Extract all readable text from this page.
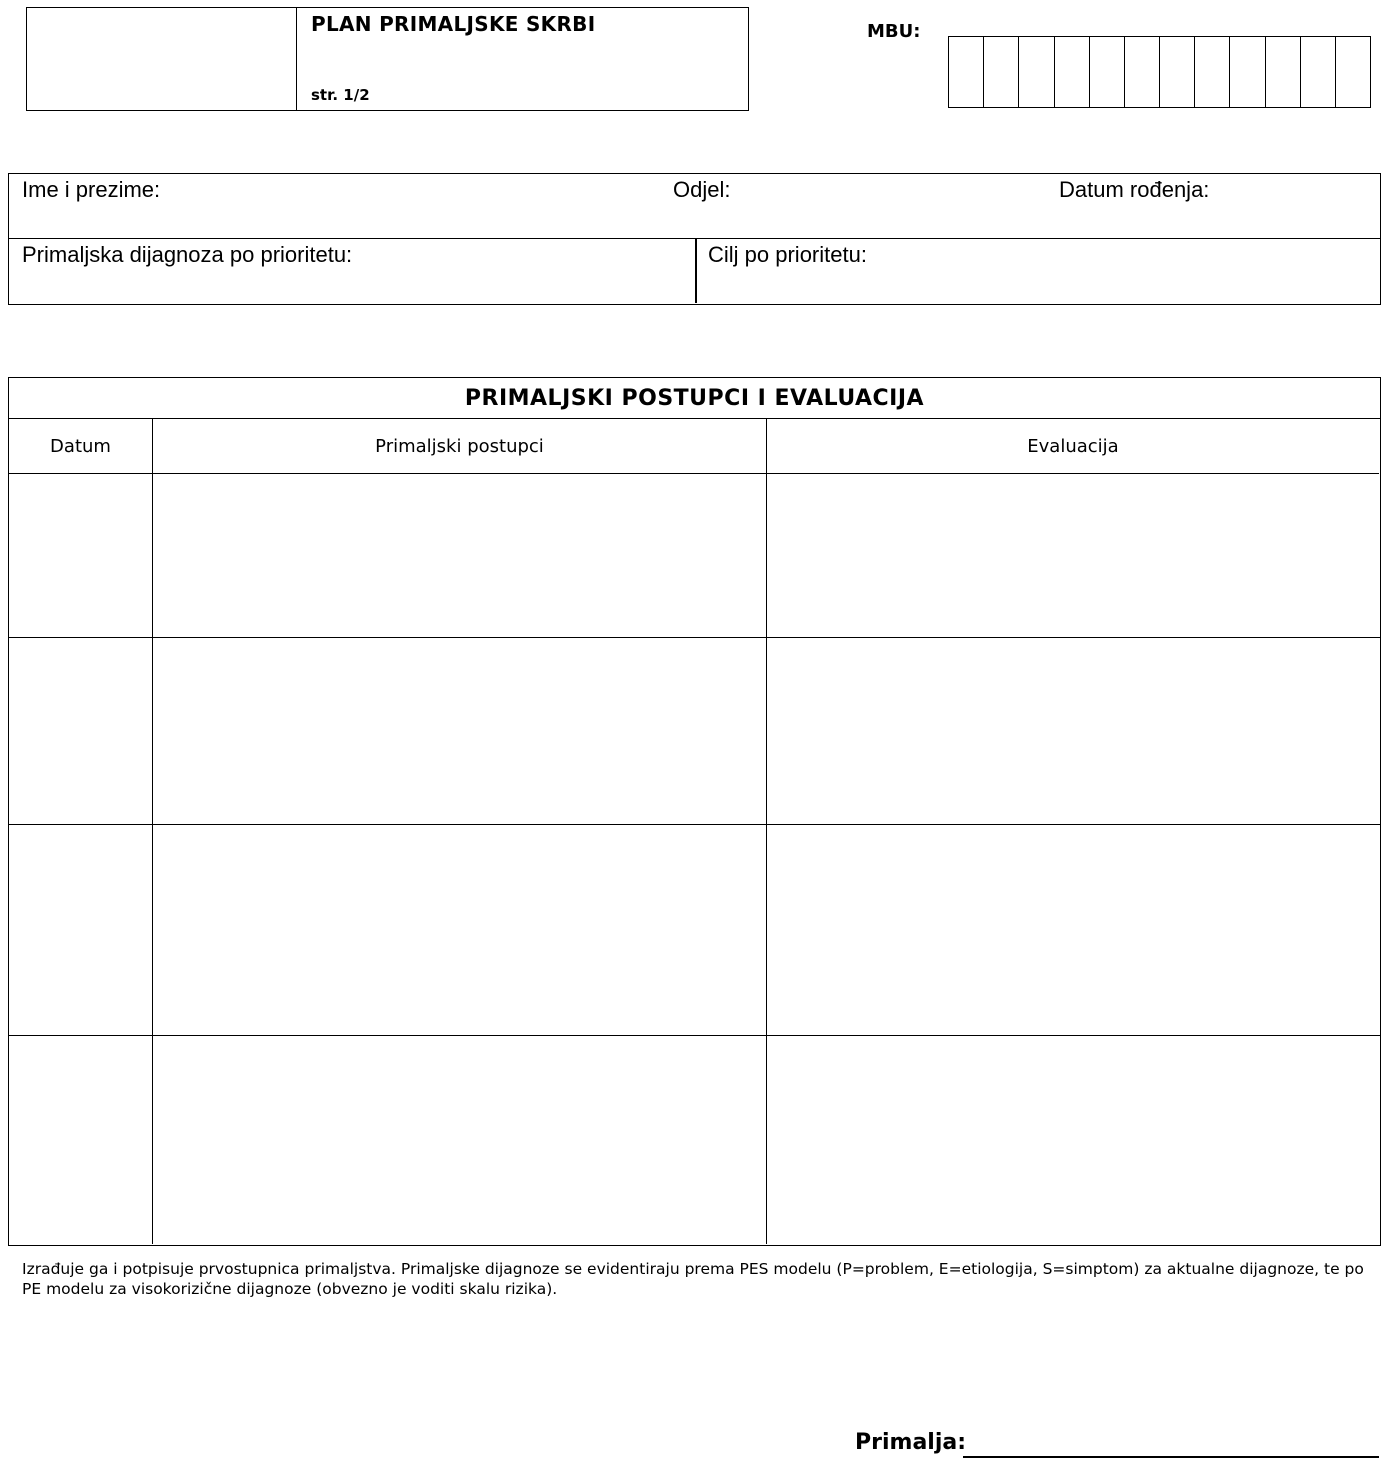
PLAN PRIMALJSKE SKRBI
str. 1/2
MBU:
Ime i prezime:	Odjel:	Datum rođenja:
Primaljska dijagnoza po prioritetu:	Cilj po prioritetu:
PRIMALJSKI POSTUPCI I EVALUACIJA
Datum	Primaljski postupci	Evaluacija
Izrađuje ga i potpisuje prvostupnica primaljstva. Primaljske dijagnoze se evidentiraju prema PES modelu (P=problem, E=etiologija, S=simptom) za aktualne dijagnoze, te po PE modelu za visokorizične dijagnoze (obvezno je voditi skalu rizika).
Primalja:
